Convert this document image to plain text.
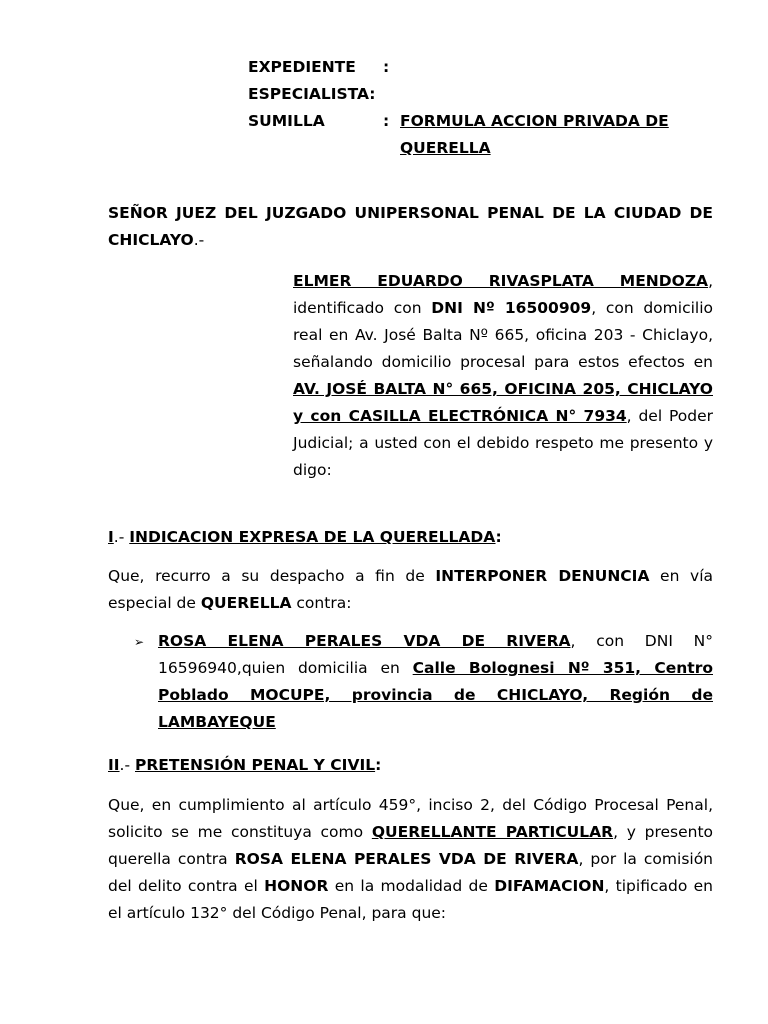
EXPEDIENTE	:
ESPECIALISTA:
SUMILLA	: FORMULA ACCION PRIVADA DE QUERELLA
SEÑOR JUEZ DEL JUZGADO UNIPERSONAL PENAL DE LA CIUDAD DE CHICLAYO.-
ELMER EDUARDO RIVASPLATA MENDOZA, identificado con DNI Nº 16500909, con domicilio real en Av. José Balta Nº 665, oficina 203 - Chiclayo, señalando domicilio procesal para estos efectos en AV. JOSÉ BALTA N° 665, OFICINA 205, CHICLAYO y con CASILLA ELECTRÓNICA N° 7934, del Poder Judicial; a usted con el debido respeto me presento y digo:
I.- INDICACION EXPRESA DE LA QUERELLADA:
Que, recurro a su despacho a fin de INTERPONER DENUNCIA en vía especial de QUERELLA contra:
➢ ROSA ELENA PERALES VDA DE RIVERA, con DNI N° 16596940,quien domicilia en Calle Bolognesi Nº 351, Centro Poblado MOCUPE, provincia de CHICLAYO, Región de LAMBAYEQUE
II.- PRETENSIÓN PENAL Y CIVIL:
Que, en cumplimiento al artículo 459°, inciso 2, del Código Procesal Penal, solicito se me constituya como QUERELLANTE PARTICULAR, y presento querella contra ROSA ELENA PERALES VDA DE RIVERA, por la comisión del delito contra el HONOR en la modalidad de DIFAMACION, tipificado en el artículo 132° del Código Penal, para que:
